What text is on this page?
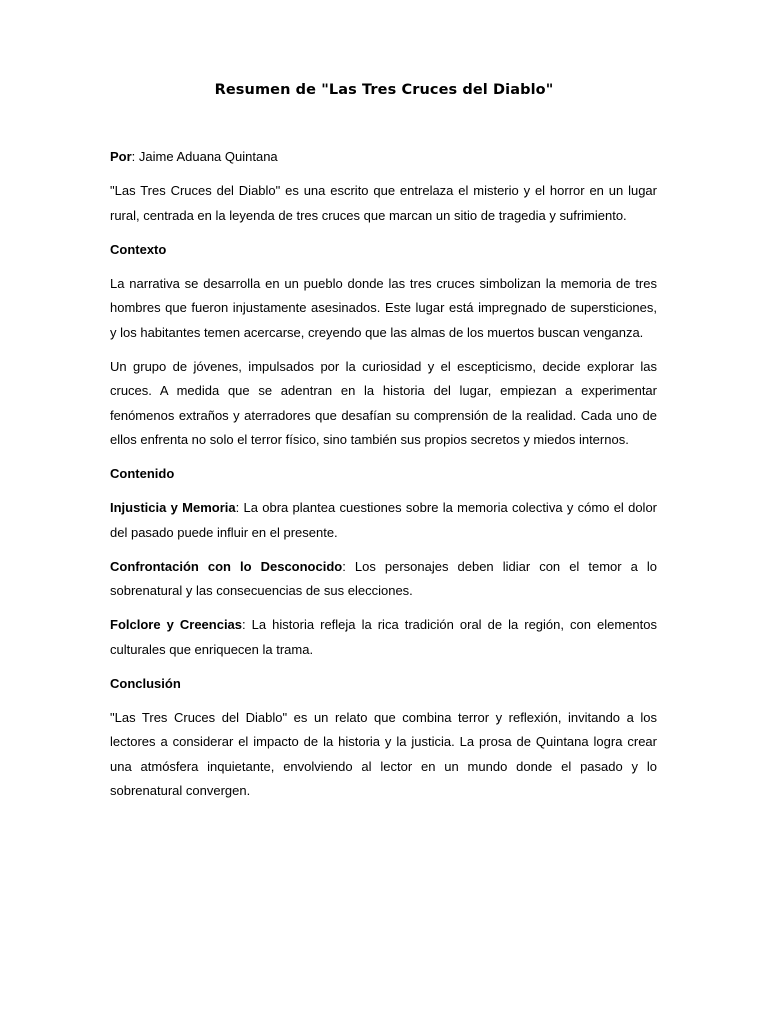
Resumen de "Las Tres Cruces del Diablo"

Por: Jaime Aduana Quintana

"Las Tres Cruces del Diablo" es una escrito que entrelaza el misterio y el horror en un lugar rural, centrada en la leyenda de tres cruces que marcan un sitio de tragedia y sufrimiento.

Contexto

La narrativa se desarrolla en un pueblo donde las tres cruces simbolizan la memoria de tres hombres que fueron injustamente asesinados. Este lugar está impregnado de supersticiones, y los habitantes temen acercarse, creyendo que las almas de los muertos buscan venganza.

Un grupo de jóvenes, impulsados por la curiosidad y el escepticismo, decide explorar las cruces. A medida que se adentran en la historia del lugar, empiezan a experimentar fenómenos extraños y aterradores que desafían su comprensión de la realidad. Cada uno de ellos enfrenta no solo el terror físico, sino también sus propios secretos y miedos internos.

Contenido

Injusticia y Memoria: La obra plantea cuestiones sobre la memoria colectiva y cómo el dolor del pasado puede influir en el presente.

Confrontación con lo Desconocido: Los personajes deben lidiar con el temor a lo sobrenatural y las consecuencias de sus elecciones.

Folclore y Creencias: La historia refleja la rica tradición oral de la región, con elementos culturales que enriquecen la trama.

Conclusión

"Las Tres Cruces del Diablo" es un relato que combina terror y reflexión, invitando a los lectores a considerar el impacto de la historia y la justicia. La prosa de Quintana logra crear una atmósfera inquietante, envolviendo al lector en un mundo donde el pasado y lo sobrenatural convergen.
